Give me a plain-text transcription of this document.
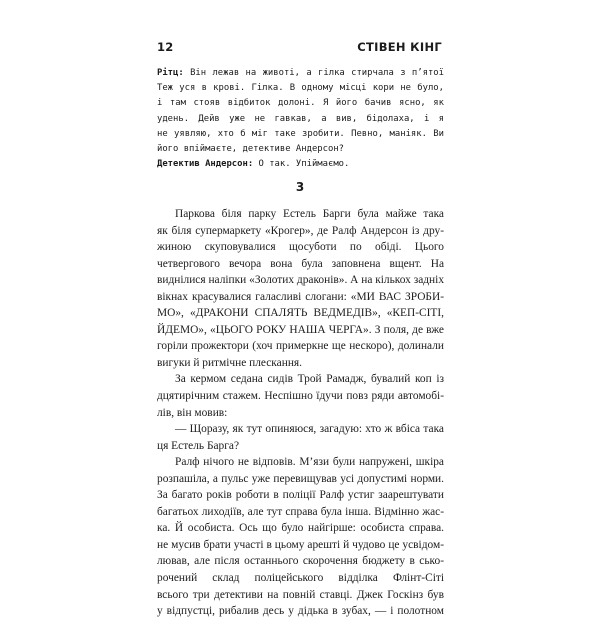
12	СТІВЕН КІНГ
Рітц: Він лежав на животі, а гілка стирчала з п’ятої
Теж уся в крові. Гілка. В одному місці кори не було,
і там стояв відбиток долоні. Я його бачив ясно, як
удень. Дейв уже не гавкав, а вив, бідолаха, і я
не уявляю, хто б міг таке зробити. Певно, маніяк. Ви
його впіймаєте, детективе Андерсон?
Детектив Андерсон: О так. Упіймаємо.
3
Паркова біля парку Естель Барги була майже така
як біля супермаркету «Крогер», де Ралф Андерсон із дру-
жиною скуповувалися щосуботи по обіді. Цього
четвергового вечора вона була заповнена вщент. На
виднілися наліпки «Золотих драконів». А на кількох задніх
вікнах красувалися галасливі слогани: «МИ ВАС ЗРОБИ-
МО», «ДРАКОНИ СПАЛЯТЬ ВЕДМЕДІВ», «КЕП-СІТІ,
ЙДЕМО», «ЦЬОГО РОКУ НАША ЧЕРГА». З поля, де вже
горіли прожектори (хоч примеркне ще нескоро), долинали
вигуки й ритмічне плескання.
За кермом седана сидів Трой Рамадж, бувалий коп із
дцятирічним стажем. Неспішно їдучи повз ряди автомобі-
лів, він мовив:
— Щоразу, як тут опиняюся, загадую: хто ж вбіса така
ця Естель Барга?
Ралф нічого не відповів. М’язи були напружені, шкіра
розпашіла, а пульс уже перевищував усі допустимі норми.
За багато років роботи в поліції Ралф устиг заарештувати
багатьох лиходіїв, але тут справа була інша. Відмінно жас-
ка. Й особиста. Ось що було найгірше: особиста справа.
не мусив брати участі в цьому арешті й чудово це усвідом-
лював, але після останнього скорочення бюджету в сько-
рочений склад поліцейського відділка Флінт-Сіті
всього три детективи на повній ставці. Джек Госкінз був
у відпустці, рибалив десь у дідька в зубах, — і полотном
